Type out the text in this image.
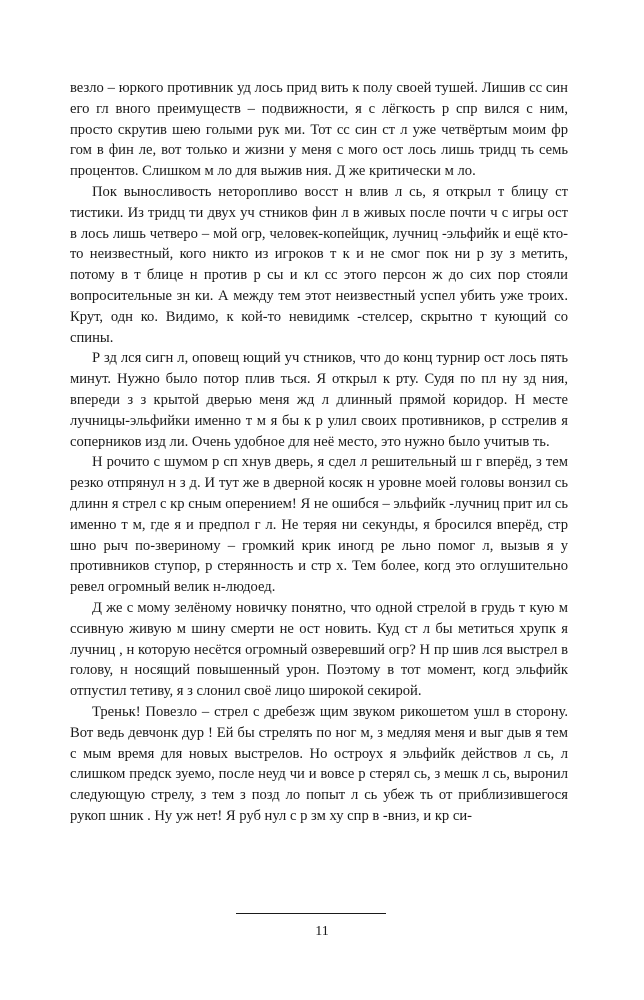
везло – юркого противник уд лось прид вить к полу своей тушей. Лишив сс син его гл вного преимуществ – подвижности, я с лёгкость р спр вился с ним, просто скрутив шею голыми рук ми. Тот сс син ст л уже четвёртым моим фр гом в фин ле, вот только и жизни у меня с мого ост лось лишь тридц ть семь процентов. Слишком м ло для выжив ния. Д же критически м ло.

Пок выносливость неторопливо восст н влив л сь, я открыл т блицу ст тистики. Из тридц ти двух уч стников фин л в живых после почти ч с игры ост в лось лишь четверо – мой огр, человек-копейщик, лучниц -эльфийк и ещё кто-то неизвестный, кого никто из игроков т к и не смог пок ни р зу з метить, потому в т блице н против р сы и кл сс этого персон ж до сих пор стояли вопросительные зн ки. А между тем этот неизвестный успел убить уже троих. Крут, одн ко. Видимо, к кой-то невидимк -стелсер, скрытно т кующий со спины.

Р зд лся сигн л, оповещ ющий уч стников, что до конц турнир ост лось пять минут. Нужно было потор плив ться. Я открыл к рту. Судя по пл ну зд ния, впереди з з крытой дверью меня жд л длинный прямой коридор. Н месте лучницы-эльфийки именно т м я бы к р улил своих противников, р сстрелив я соперников изд ли. Очень удобное для неё место, это нужно было учитыв ть.

Н рочито с шумом р сп хнув дверь, я сдел л решительный ш г вперёд, з тем резко отпрянул н з д. И тут же в дверной косяк н уровне моей головы вонзил сь длинн я стрел с кр сным оперением! Я не ошибся – эльфийк -лучниц прит ил сь именно т м, где я и предпол г л. Не теряя ни секунды, я бросился вперёд, стр шно рыч по-звериному – громкий крик иногд ре льно помог л, вызыв я у противников ступор, р стерянность и стр х. Тем более, когд это оглушительно ревел огромный велик н-людоед.

Д же с мому зелёному новичку понятно, что одной стрелой в грудь т кую м ссивную живую м шину смерти не ост новить. Куд ст л бы метиться хрупк я лучниц , н которую несётся огромный озверевший огр? Н пр шив лся выстрел в голову, н носящий повышенный урон. Поэтому в тот момент, когд эльфийк отпустил тетиву, я з слонил своё лицо широкой секирой.

Треньк! Повезло – стрел с дребезж щим звуком рикошетом ушл в сторону. Вот ведь девчонк дур ! Ей бы стрелять по ног м, з медляя меня и выг дыв я тем с мым время для новых выстрелов. Но остроух я эльфийк действов л сь, л слишком предск зуемо, после неуд чи и вовсе р стерял сь, з мешк л сь, выронил следующую стрелу, з тем з позд ло попыт л сь убеж ть от приблизившегося рукоп шник . Ну уж нет! Я руб нул с р зм ху спр в -вниз, и кр си-

11
